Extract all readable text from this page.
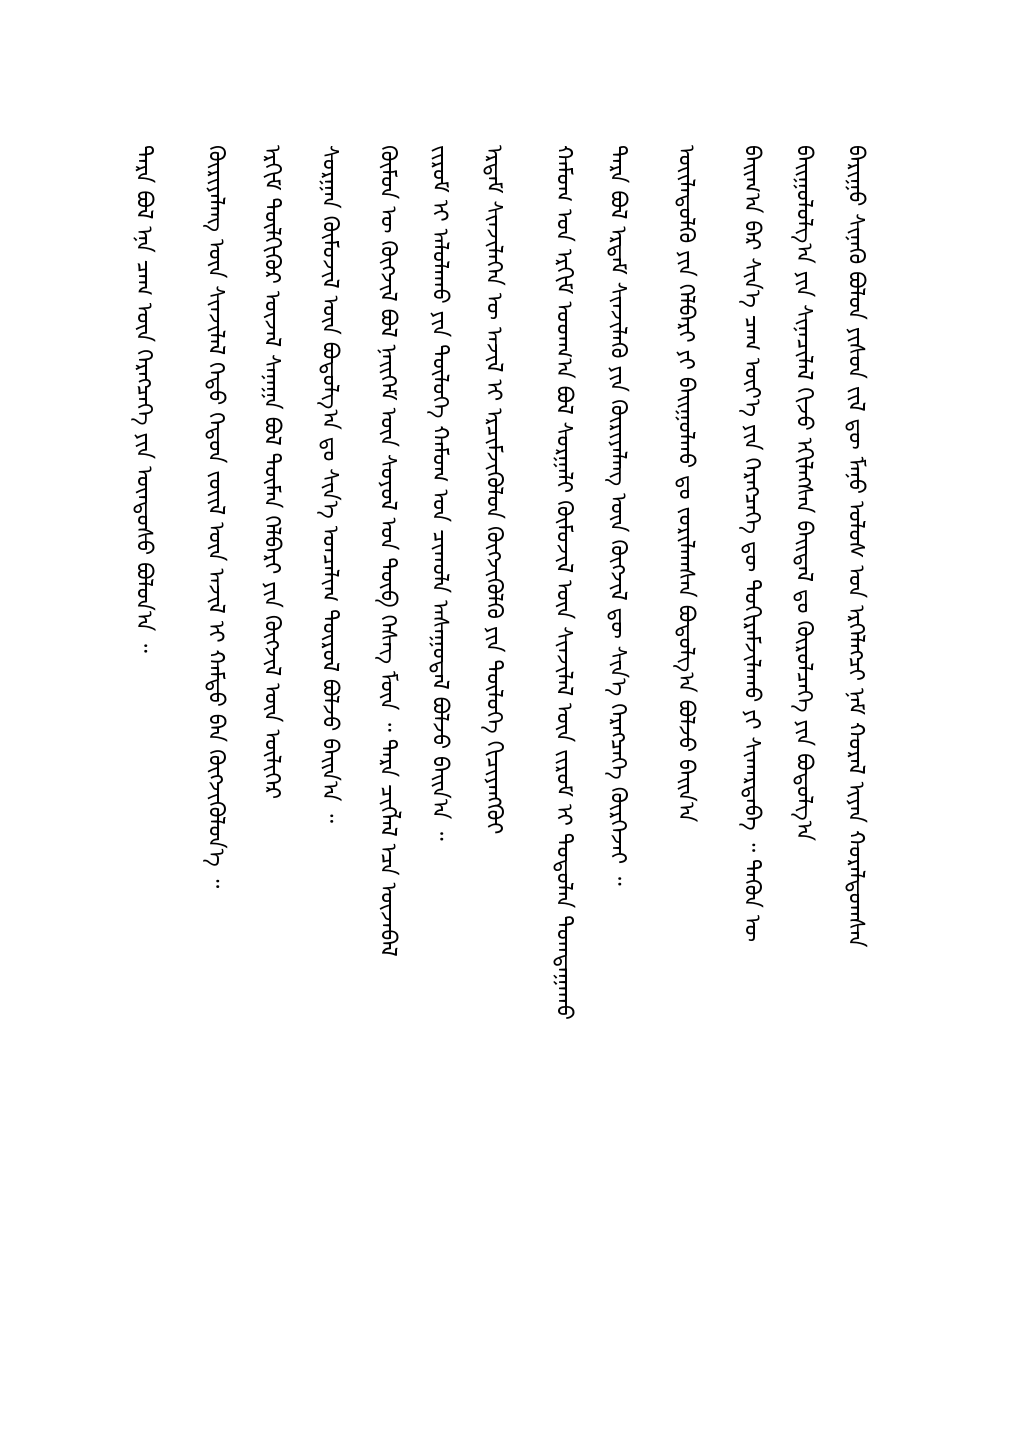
ᠪᠠᠷᠢᠭᠤ ᠰᠢᠨᠡᠬᠦ ᠪᠣᠯᠣᠨ ᠶᠢᠰᠦᠨ ᠵᠢᠯ ᠳᠦ ᠮᠠᠨᠤ ᠤᠯᠤᠰ ᠤᠨ ᠡᠷᠬᠡᠯᠡᠭᠴᠢ ᠨᠠᠮ ᠬᠤᠷᠠᠯ ᠢᠶᠠᠨ ᠬᠤᠷᠠᠯᠳᠤᠭᠰᠠᠨ
ᠪᠠᠢᠭᠤᠯᠤᠯᠭ᠎ᠠ ᠶᠢᠨ ᠰᠢᠨᠡᠴᠢᠯᠡᠯ ᠬᠢᠵᠦ ᠡᠬᠢᠯᠡᠭᠰᠡᠨ ᠪᠠᠢᠳᠠᠯ ᠳᠤ ᠬᠦᠷᠦᠯᠴᠡᠭᠡ ᠶᠢᠨ ᠪᠣᠳᠣᠯᠭ᠎ᠠ
ᠪᠠᠢᠭ᠎ᠠ ᠪᠡᠷ ᠰᠢᠨ᠎ᠡ ᠴᠠᠭ ᠦᠶ᠎ᠡ ᠶᠢᠨ ᠬᠡᠷᠡᠭᠴᠡᠭᠡ ᠳᠦ ᠲᠣᠬᠢᠷᠠᠮᠵᠢᠯᠠᠬᠤ ᠶᠢ ᠰᠢᠬᠠᠷᠳᠠᠪᠠ ᠃ ᠲᠡᠭᠦᠨ ᠦ
ᠦᠢᠯᠡᠳᠦᠯᠬᠦ ᠶᠢᠨ ᠬᠡᠯᠪᠡᠷᠢ ᠶᠢ ᠪᠠᠢᠭᠤᠯᠬᠤ ᠳᠤ ᠵᠣᠷᠢᠯᠠᠭᠰᠠᠨ ᠪᠣᠳᠣᠯᠭ᠎ᠠ ᠪᠣᠯᠵᠤ ᠪᠠᠢᠨ᠎ᠠ
ᠲᠡᠷᠡ ᠪᠣᠯ ᠡᠷᠳᠡᠮ ᠰᠢᠨᠵᠢᠯᠡᠬᠦ ᠶᠢᠨ ᠬᠦᠷᠢᠶᠡᠯᠡᠩ ᠦᠨ ᠬᠥᠭᠵᠢᠯ ᠳᠦ ᠰᠢᠨ᠎ᠡ ᠬᠡᠷᠡᠭᠴᠡᠭᠡ ᠬᠦᠷᠭᠡᠵᠡᠢ ᠃
ᠬᠠᠮᠤᠭ ᠤᠨ ᠡᠷᠬᠢᠮ ᠤᠳᠬ᠎ᠠ ᠪᠣᠯ ᠰᠤᠷᠭᠠᠯᠢ ᠬᠦᠮᠦᠵᠢᠯ ᠦᠨ ᠰᠢᠨᠵᠢᠯᠡᠯ ᠦᠨ ᠵᠢᠷᠤᠮ ᠢ ᠲᠣᠳᠣᠯᠠᠨ ᠲᠣᠭᠲᠠᠭᠠᠬᠤ
ᠡᠷᠳᠡᠮ ᠰᠢᠨᠵᠢᠯᠡᠭᠡᠨ ᠦ ᠠᠵᠢᠯ ᠢ ᠡᠷᠴᠢᠮᠵᠢᠭᠦᠯᠦᠨ ᠬᠥᠭᠵᠢᠭᠦᠯᠬᠦ ᠶᠢᠨ ᠲᠥᠯᠦᠭ᠌ᠡ ᠬᠢᠴᠢᠶᠡᠩᠭᠦᠢ
ᠵᠢᠷᠤᠮ ᠢ ᠠᠯᠤᠯᠠᠬᠤ ᠶᠢᠨ ᠲᠥᠯᠦᠭ᠌ᠡ ᠬᠠᠮᠤᠭ ᠤᠨ ᠴᠢᠬᠤᠯᠠ ᠠᠰᠠᠭᠤᠳᠠᠯ ᠪᠣᠯᠵᠤ ᠪᠠᠢᠨ᠎ᠠ ᠃
ᠬᠦᠮᠦᠨ ᠦ ᠬᠥᠭᠵᠢᠯ ᠪᠣᠯ ᠨᠡᠢᠭᠡᠮ ᠦᠨ ᠰᠣᠶᠣᠯ ᠤᠨ ᠲᠥᠪ ᠬᠡᠰᠡᠭ ᠮᠥᠨ ᠃ ᠲᠡᠷᠡ ᠴᠢᠭᠯᠡᠯ ᠡᠴᠡ ᠦᠵᠡᠪᠡᠯ
ᠰᠤᠷᠭᠠᠨ ᠬᠦᠮᠦᠵᠢᠯ ᠦᠨ ᠪᠣᠳᠣᠯᠭ᠎ᠠ ᠳᠤ ᠰᠢᠨ᠎ᠡ ᠣᠨᠴᠠᠯᠢᠭ ᠲᠦᠷᠦᠯ ᠪᠣᠯᠵᠤ ᠪᠠᠢᠨ᠎ᠠ ᠃
ᠡᠷᠬᠢᠮ ᠲᠦᠯᠬᠢᠭᠦᠷ ᠦᠵᠡᠯ ᠰᠠᠨᠠᠭᠠ ᠪᠣᠯ ᠲᠦᠮᠡᠨ ᠬᠡᠯᠪᠡᠷᠢ ᠶᠢᠨ ᠬᠥᠭᠵᠢᠯ ᠦᠨ ᠦᠯᠢᠭᠡᠷ
ᠬᠦᠷᠢᠶᠡᠯᠡᠩ ᠦᠨ ᠰᠢᠨᠵᠢᠯᠡᠯ ᠬᠡᠳᠦ ᠬᠡᠳᠦᠨ ᠵᠦᠢᠯ ᠦᠨ ᠠᠵᠢᠯ ᠢ ᠬᠠᠮᠲᠤ ᠪᠠᠨ ᠬᠥᠭᠵᠢᠭᠦᠯᠦᠨ᠎ᠡ ᠃
ᠲᠡᠷᠡ ᠪᠣᠯ ᠡᠨᠡ ᠴᠠᠭ ᠦᠨ ᠬᠡᠷᠡᠭᠴᠡᠭᠡ ᠶᠢᠨ ᠦᠨᠳᠦᠰᠦ ᠪᠣᠯᠤᠨ᠎ᠠ ᠃
